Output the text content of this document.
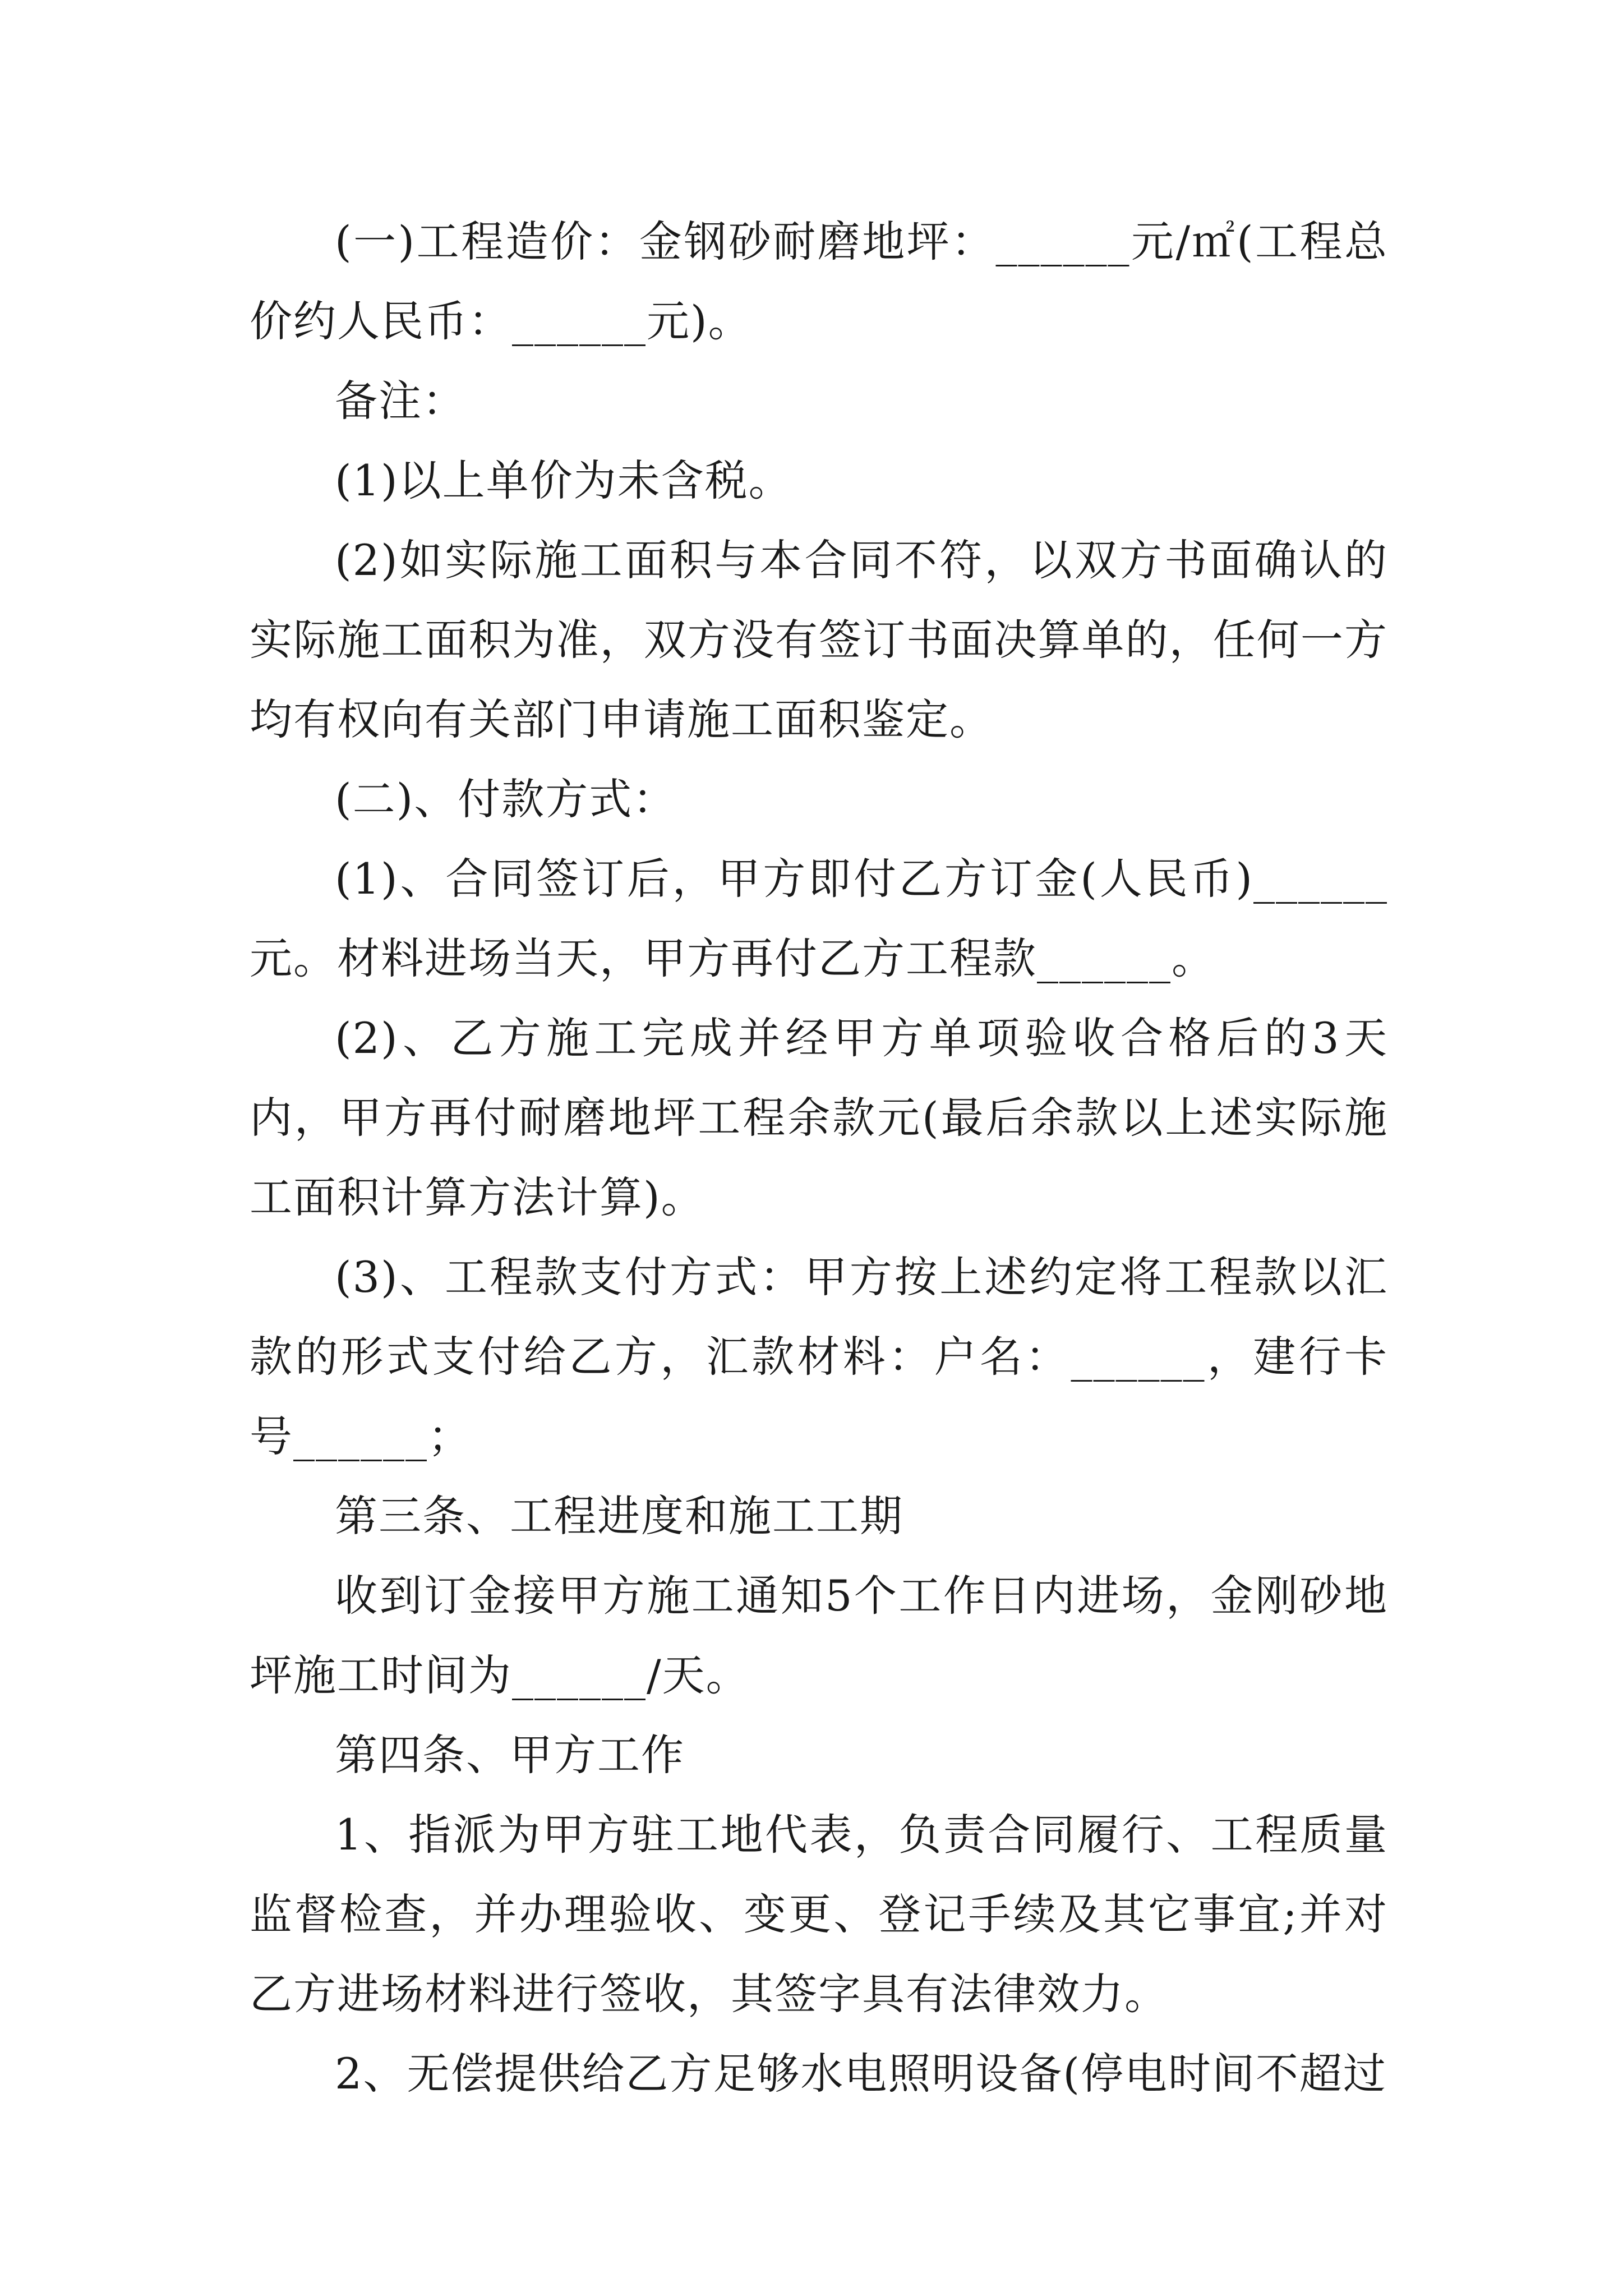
(一)工程造价：金钢砂耐磨地坪：______元/㎡(工程总价约人民币：______元)。

备注：

(1)以上单价为未含税。

(2)如实际施工面积与本合同不符，以双方书面确认的实际施工面积为准，双方没有签订书面决算单的，任何一方均有权向有关部门申请施工面积鉴定。

(二)、付款方式：

(1)、合同签订后，甲方即付乙方订金(人民币)______元。材料进场当天，甲方再付乙方工程款______。

(2)、乙方施工完成并经甲方单项验收合格后的3天内，甲方再付耐磨地坪工程余款元(最后余款以上述实际施工面积计算方法计算)。

(3)、工程款支付方式：甲方按上述约定将工程款以汇款的形式支付给乙方，汇款材料：户名：______，建行卡号______；

第三条、工程进度和施工工期

收到订金接甲方施工通知5个工作日内进场，金刚砂地坪施工时间为______/天。

第四条、甲方工作

1、指派为甲方驻工地代表，负责合同履行、工程质量监督检查，并办理验收、变更、登记手续及其它事宜;并对乙方进场材料进行签收，其签字具有法律效力。

2、无偿提供给乙方足够水电照明设备(停电时间不超过
